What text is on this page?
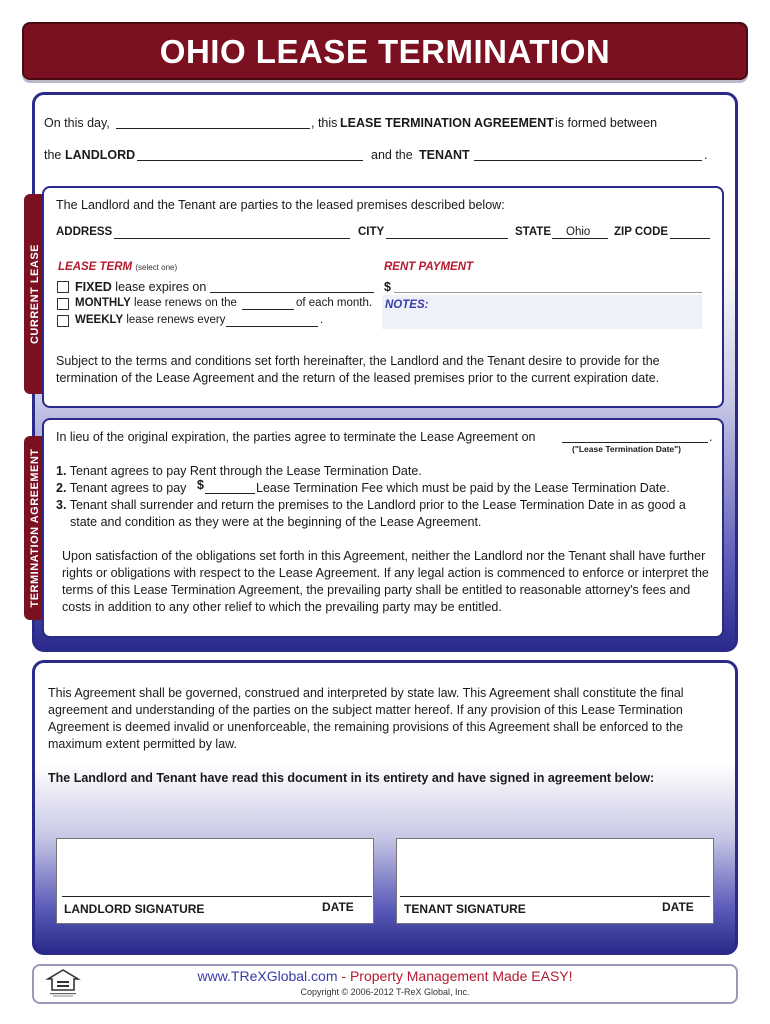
OHIO LEASE TERMINATION
On this day,	, this LEASE TERMINATION AGREEMENT is formed between
the LANDLORD	and the TENANT	.
CURRENT LEASE
The Landlord and the Tenant are parties to the leased premises described below:
ADDRESS	CITY	STATE Ohio ZIP CODE
LEASE TERM (select one)
FIXED lease expires on
MONTHLY lease renews on the	of each month.
WEEKLY lease renews every	.
RENT PAYMENT
$
NOTES:
Subject to the terms and conditions set forth hereinafter, the Landlord and the Tenant desire to provide for the termination of the Lease Agreement and the return of the leased premises prior to the current expiration date.
TERMINATION AGREEMENT
In lieu of the original expiration, the parties agree to terminate the Lease Agreement on	.
("Lease Termination Date")
1. Tenant agrees to pay Rent through the Lease Termination Date.
2. Tenant agrees to pay $	Lease Termination Fee which must be paid by the Lease Termination Date.
3. Tenant shall surrender and return the premises to the Landlord prior to the Lease Termination Date in as good a
state and condition as they were at the beginning of the Lease Agreement.
Upon satisfaction of the obligations set forth in this Agreement, neither the Landlord nor the Tenant shall have further rights or obligations with respect to the Lease Agreement. If any legal action is commenced to enforce or interpret the terms of this Lease Termination Agreement, the prevailing party shall be entitled to reasonable attorney's fees and costs in addition to any other relief to which the prevailing party may be entitled.
This Agreement shall be governed, construed and interpreted by state law. This Agreement shall constitute the final agreement and understanding of the parties on the subject matter hereof. If any provision of this Lease Termination Agreement is deemed invalid or unenforceable, the remaining provisions of this Agreement shall be enforced to the maximum extent permitted by law.
The Landlord and Tenant have read this document in its entirety and have signed in agreement below:
LANDLORD SIGNATURE	DATE	TENANT SIGNATURE	DATE
www.TReXGlobal.com - Property Management Made EASY!
Copyright © 2006-2012 T-ReX Global, Inc.
